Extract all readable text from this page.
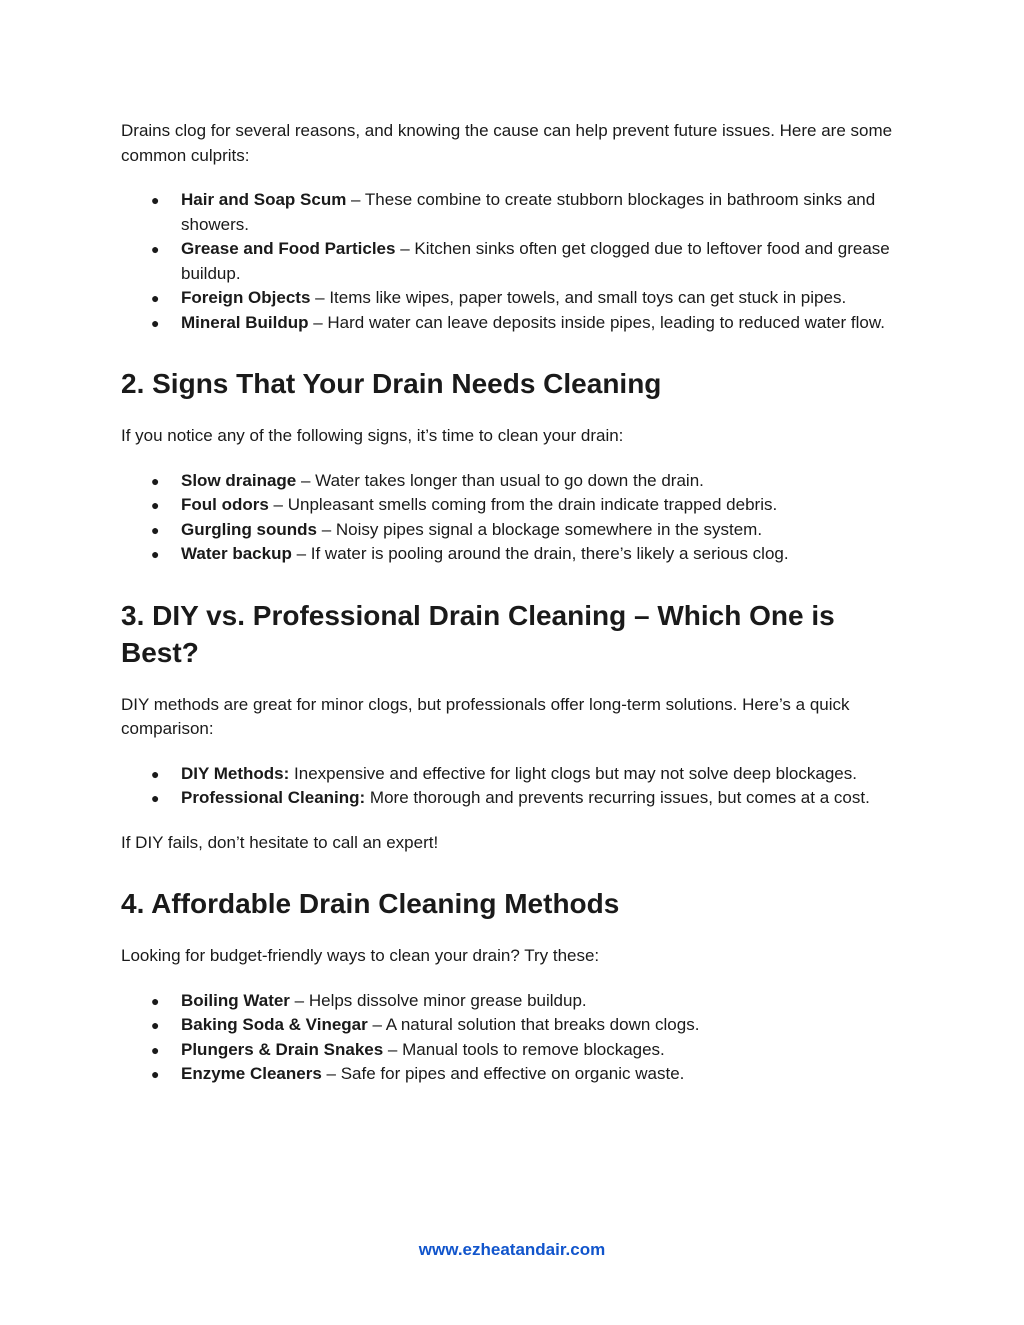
Drains clog for several reasons, and knowing the cause can help prevent future issues. Here are some common culprits:

● Hair and Soap Scum – These combine to create stubborn blockages in bathroom sinks and showers.
● Grease and Food Particles – Kitchen sinks often get clogged due to leftover food and grease buildup.
● Foreign Objects – Items like wipes, paper towels, and small toys can get stuck in pipes.
● Mineral Buildup – Hard water can leave deposits inside pipes, leading to reduced water flow.
2. Signs That Your Drain Needs Cleaning

If you notice any of the following signs, it’s time to clean your drain:

● Slow drainage – Water takes longer than usual to go down the drain.
● Foul odors – Unpleasant smells coming from the drain indicate trapped debris.
● Gurgling sounds – Noisy pipes signal a blockage somewhere in the system.
● Water backup – If water is pooling around the drain, there’s likely a serious clog.
3. DIY vs. Professional Drain Cleaning – Which One is Best?

DIY methods are great for minor clogs, but professionals offer long-term solutions. Here’s a quick comparison:

● DIY Methods: Inexpensive and effective for light clogs but may not solve deep blockages.
● Professional Cleaning: More thorough and prevents recurring issues, but comes at a cost.

If DIY fails, don’t hesitate to call an expert!

4. Affordable Drain Cleaning Methods

Looking for budget-friendly ways to clean your drain? Try these:

● Boiling Water – Helps dissolve minor grease buildup.
● Baking Soda & Vinegar – A natural solution that breaks down clogs.
● Plungers & Drain Snakes – Manual tools to remove blockages.
● Enzyme Cleaners – Safe for pipes and effective on organic waste.
www.ezheatandair.com
